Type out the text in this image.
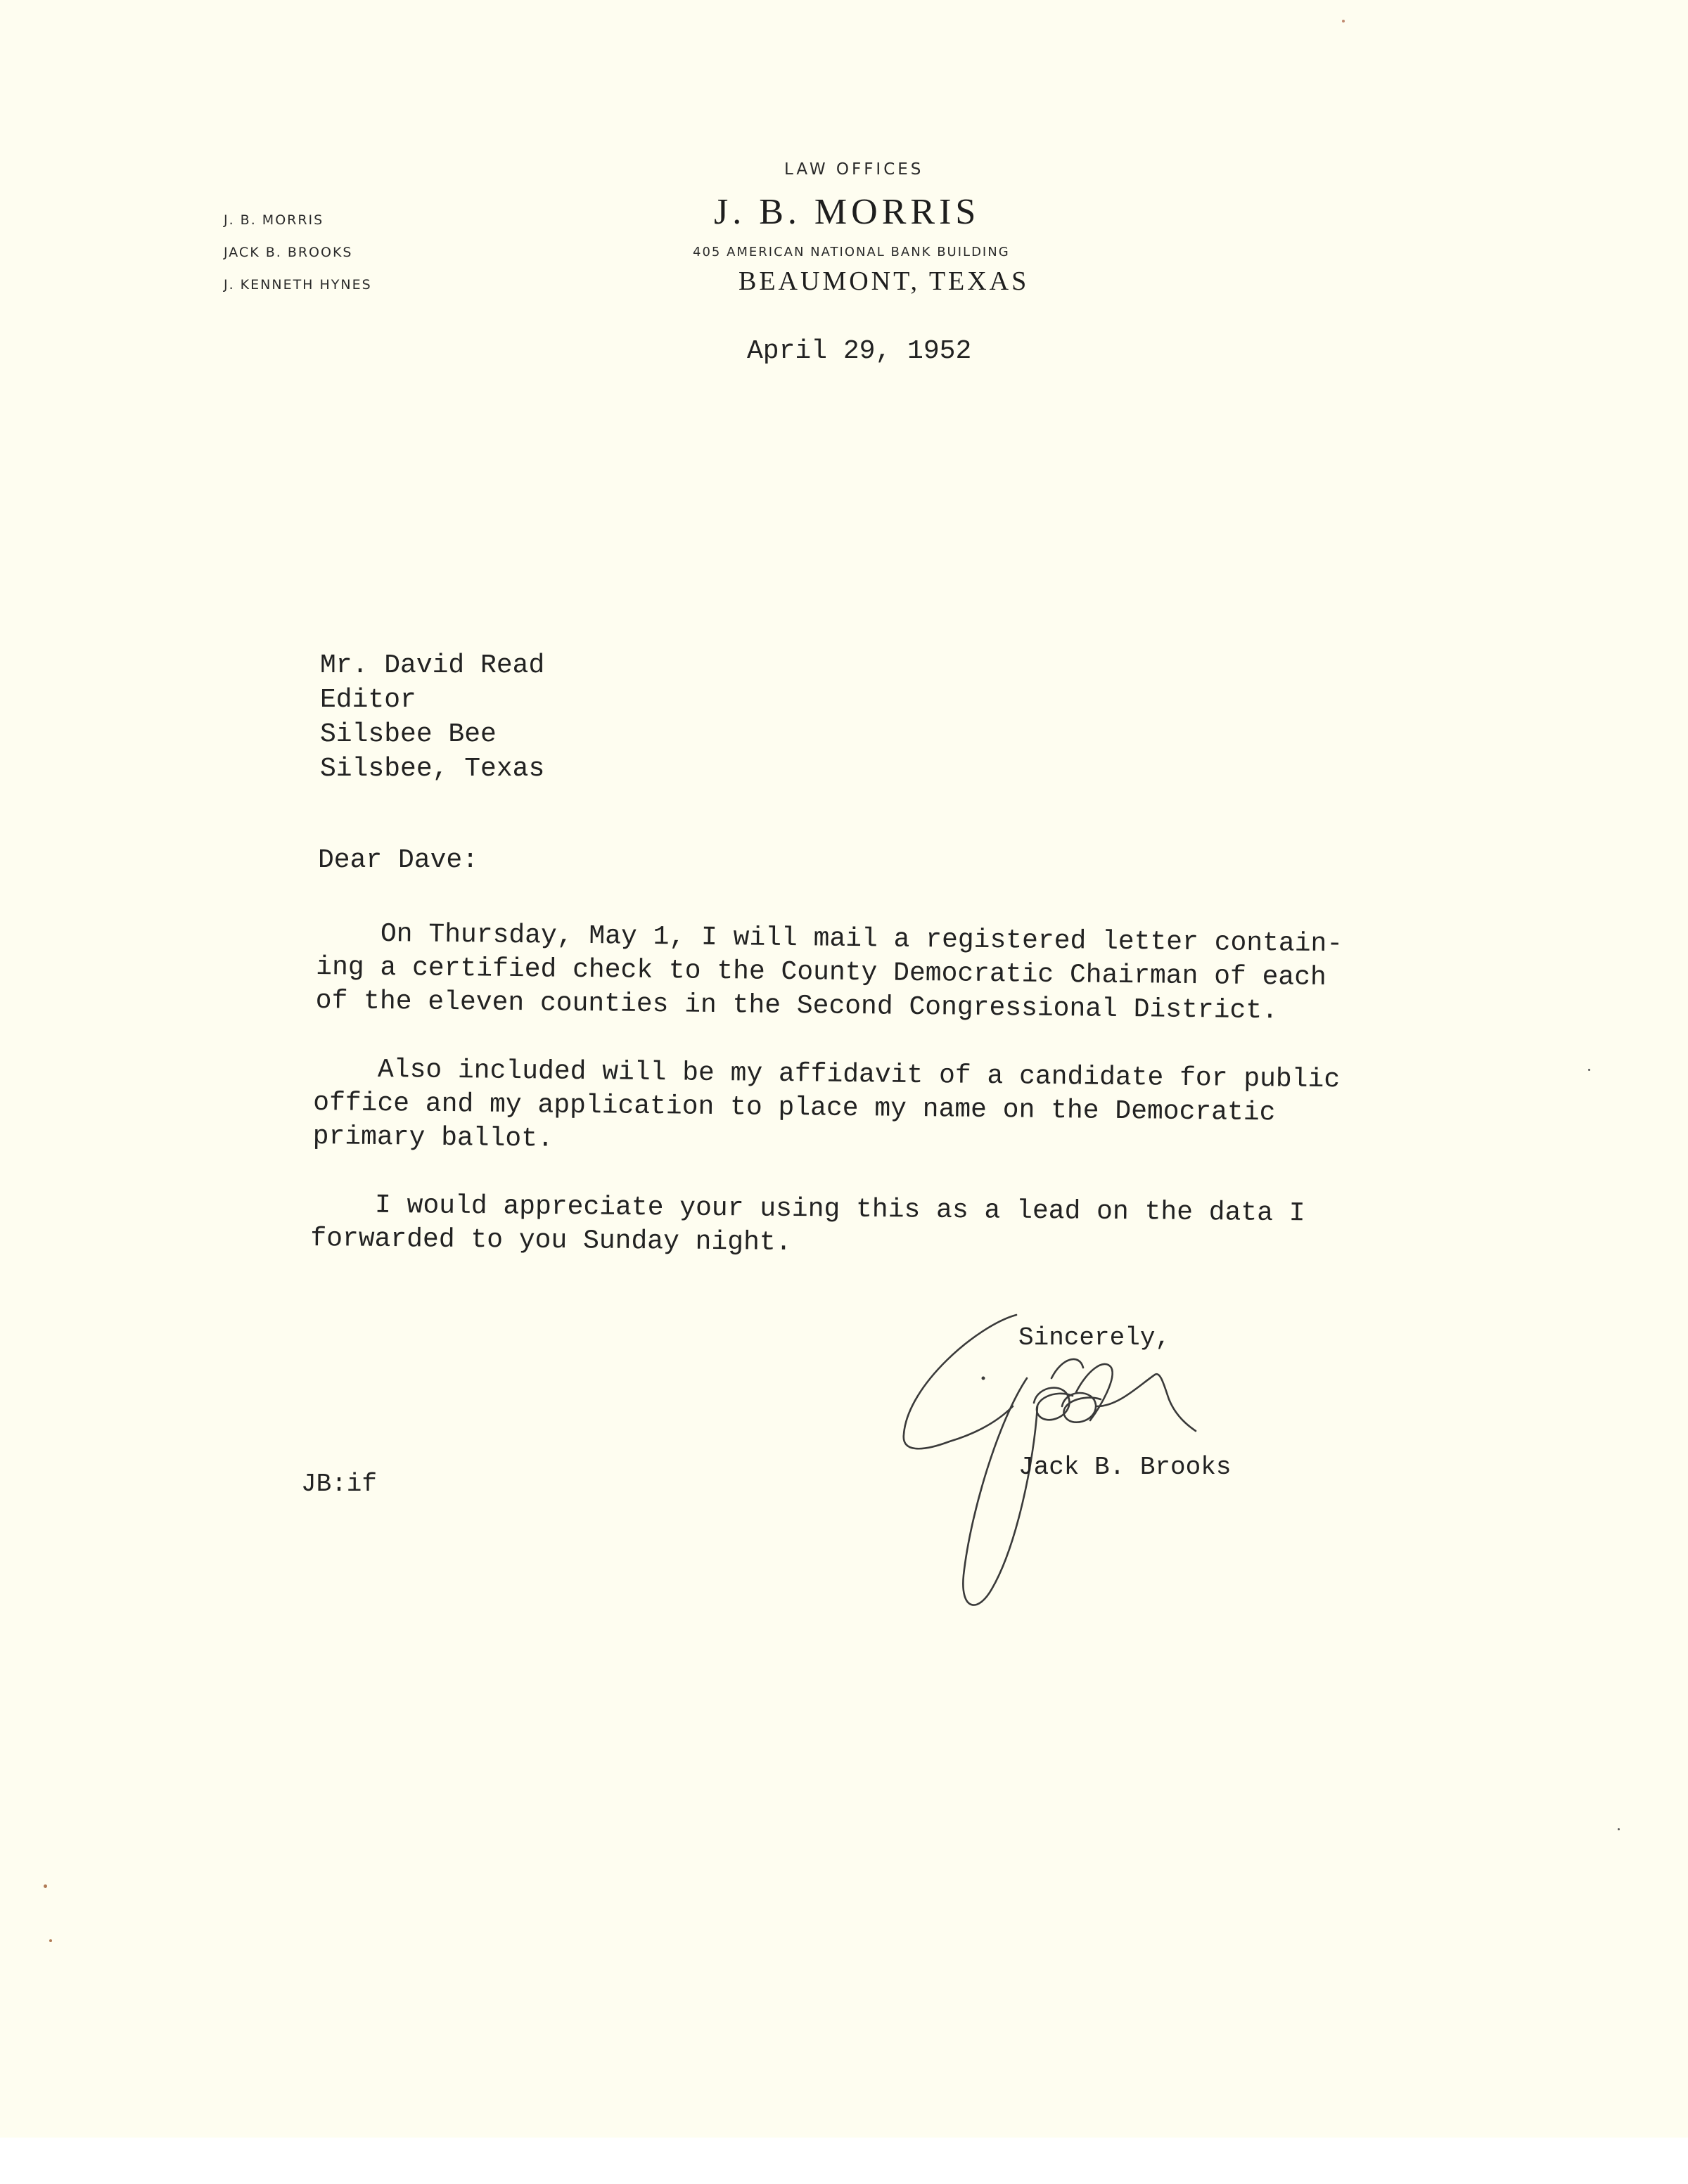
J. B. MORRIS
JACK B. BROOKS
J. KENNETH HYNES
LAW OFFICES
J. B. MORRIS
405 AMERICAN NATIONAL BANK BUILDING
BEAUMONT, TEXAS
April 29, 1952
Mr. David Read
Editor
Silsbee Bee
Silsbee, Texas
Dear Dave:
On Thursday, May 1, I will mail a registered letter contain-
ing a certified check to the County Democratic Chairman of each
of the eleven counties in the Second Congressional District.
Also included will be my affidavit of a candidate for public
office and my application to place my name on the Democratic
primary ballot.
I would appreciate your using this as a lead on the data I
forwarded to you Sunday night.
Sincerely,
Jack B. Brooks
JB:if
